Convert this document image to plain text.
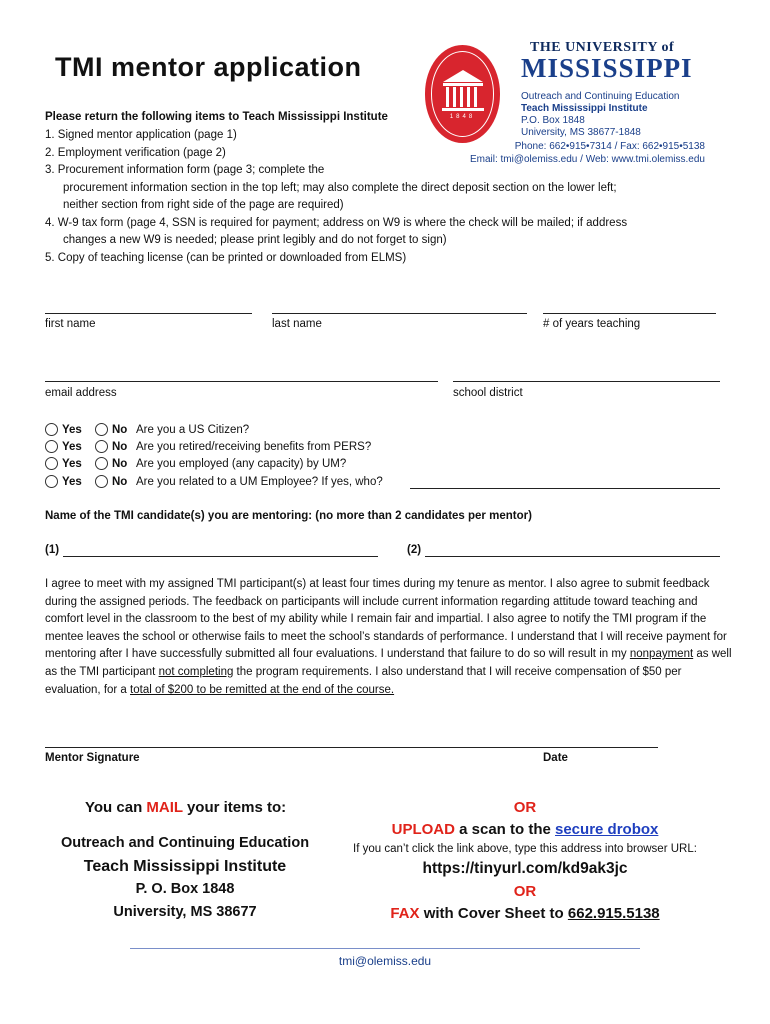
TMI mentor application
1848
THE UNIVERSITY of
MISSISSIPPI
Outreach and Continuing Education
Teach Mississippi Institute
P.O. Box 1848
University, MS 38677-1848
Phone: 662•915•7314 / Fax: 662•915•5138
Email: tmi@olemiss.edu / Web: www.tmi.olemiss.edu
Please return the following items to Teach Mississippi Institute
1. Signed mentor application (page 1)
2. Employment verification (page 2)
3. Procurement information form (page 3; complete the
procurement information section in the top left; may also complete the direct deposit section on the lower left;
neither section from right side of the page are required)
4. W-9 tax form (page 4, SSN is required for payment; address on W9 is where the check will be mailed; if address
changes a new W9 is needed; please print legibly and do not forget to sign)
5. Copy of teaching license (can be printed or downloaded from ELMS)
first name	last name	# of years teaching
email address	school district
Yes	No Are you a US Citizen?
Yes	No Are you retired/receiving benefits from PERS?
Yes	No Are you employed (any capacity) by UM?
Yes	No Are you related to a UM Employee? If yes, who?
Name of the TMI candidate(s) you are mentoring: (no more than 2 candidates per mentor)
(1)	(2)
I agree to meet with my assigned TMI participant(s) at least four times during my tenure as mentor. I also agree to submit feedback during the assigned periods. The feedback on participants will include current information regarding attitude toward teaching and comfort level in the classroom to the best of my ability while I remain fair and impartial. I also agree to notify the TMI program if the mentee leaves the school or otherwise fails to meet the school’s standards of performance. I understand that I will receive payment for mentoring after I have successfully submitted all four evaluations. I understand that failure to do so will result in my nonpayment as well as the TMI participant not completing the program requirements. I also understand that I will receive compensation of $50 per evaluation, for a total of $200 to be remitted at the end of the course.
Mentor Signature	Date
You can MAIL your items to:
Outreach and Continuing Education
Teach Mississippi Institute
P. O. Box 1848
University, MS 38677
OR
UPLOAD a scan to the secure drobox
If you can’t click the link above, type this address into browser URL:
https://tinyurl.com/kd9ak3jc
OR
FAX with Cover Sheet to 662.915.5138
tmi@olemiss.edu
